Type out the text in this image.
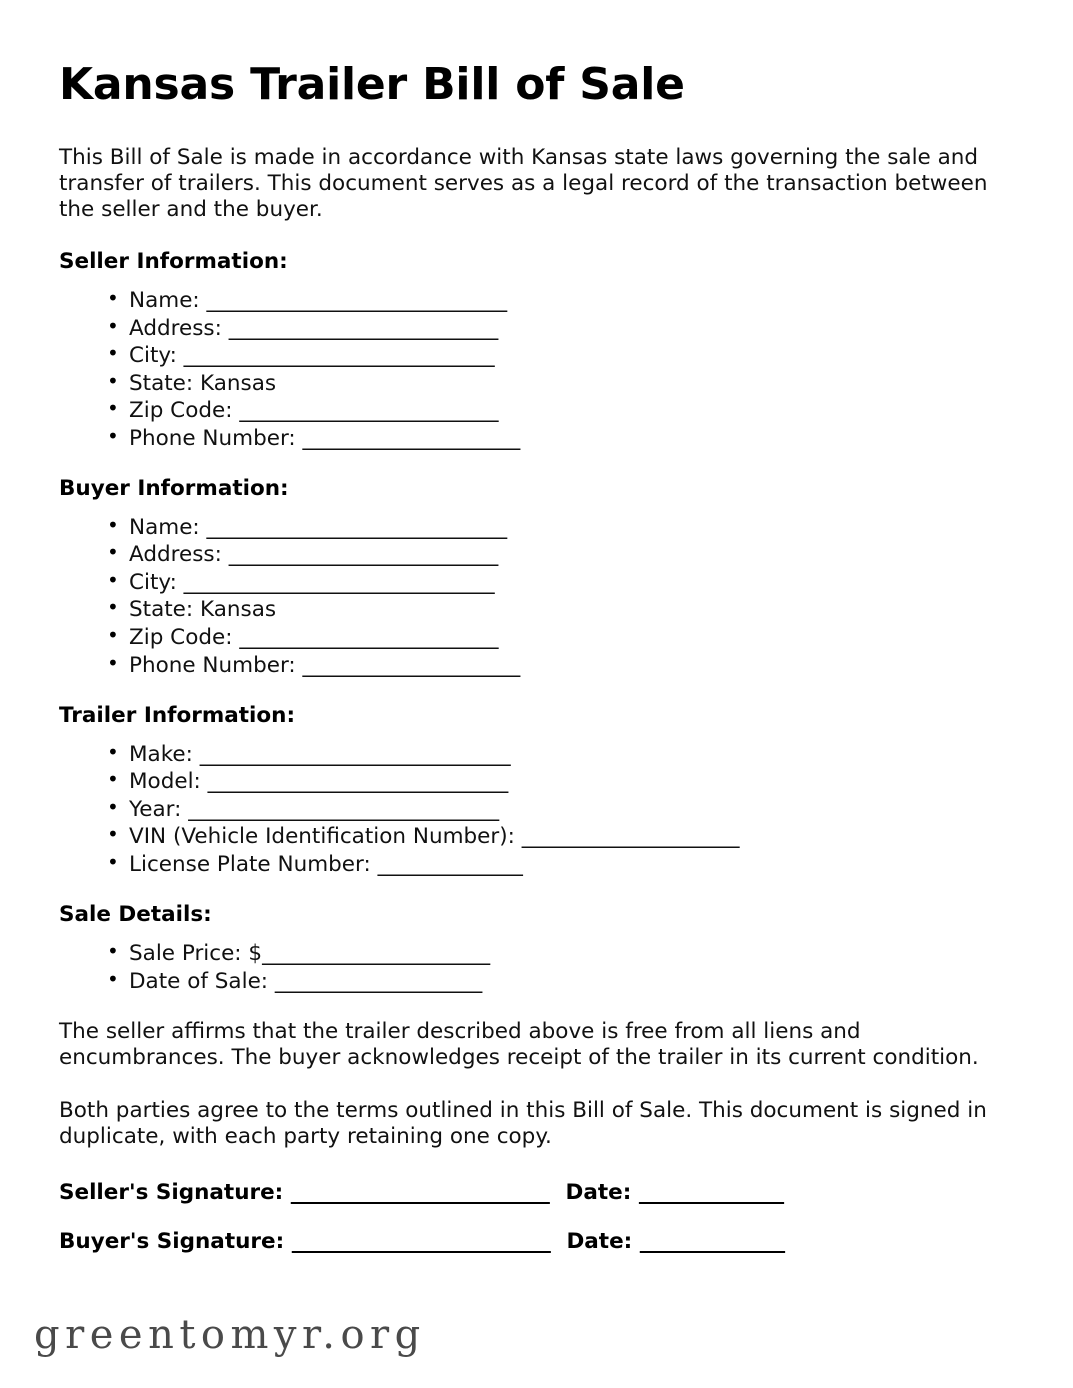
Kansas Trailer Bill of Sale

This Bill of Sale is made in accordance with Kansas state laws governing the sale and transfer of trailers. This document serves as a legal record of the transaction between the seller and the buyer.

Seller Information:
• Name: _____________________________
• Address: __________________________
• City: ______________________________
• State: Kansas
• Zip Code: _________________________
• Phone Number: _____________________
Buyer Information:
• Name: _____________________________
• Address: __________________________
• City: ______________________________
• State: Kansas
• Zip Code: _________________________
• Phone Number: _____________________
Trailer Information:
• Make: ______________________________
• Model: _____________________________
• Year: ______________________________
• VIN (Vehicle Identification Number): _____________________
• License Plate Number: ______________
Sale Details:
• Sale Price: $______________________
• Date of Sale: ____________________

The seller affirms that the trailer described above is free from all liens and encumbrances. The buyer acknowledges receipt of the trailer in its current condition.

Both parties agree to the terms outlined in this Bill of Sale. This document is signed in duplicate, with each party retaining one copy.

Seller's Signature: _________________________ Date: ______________

Buyer's Signature: _________________________ Date: ______________

greentomyr.org
